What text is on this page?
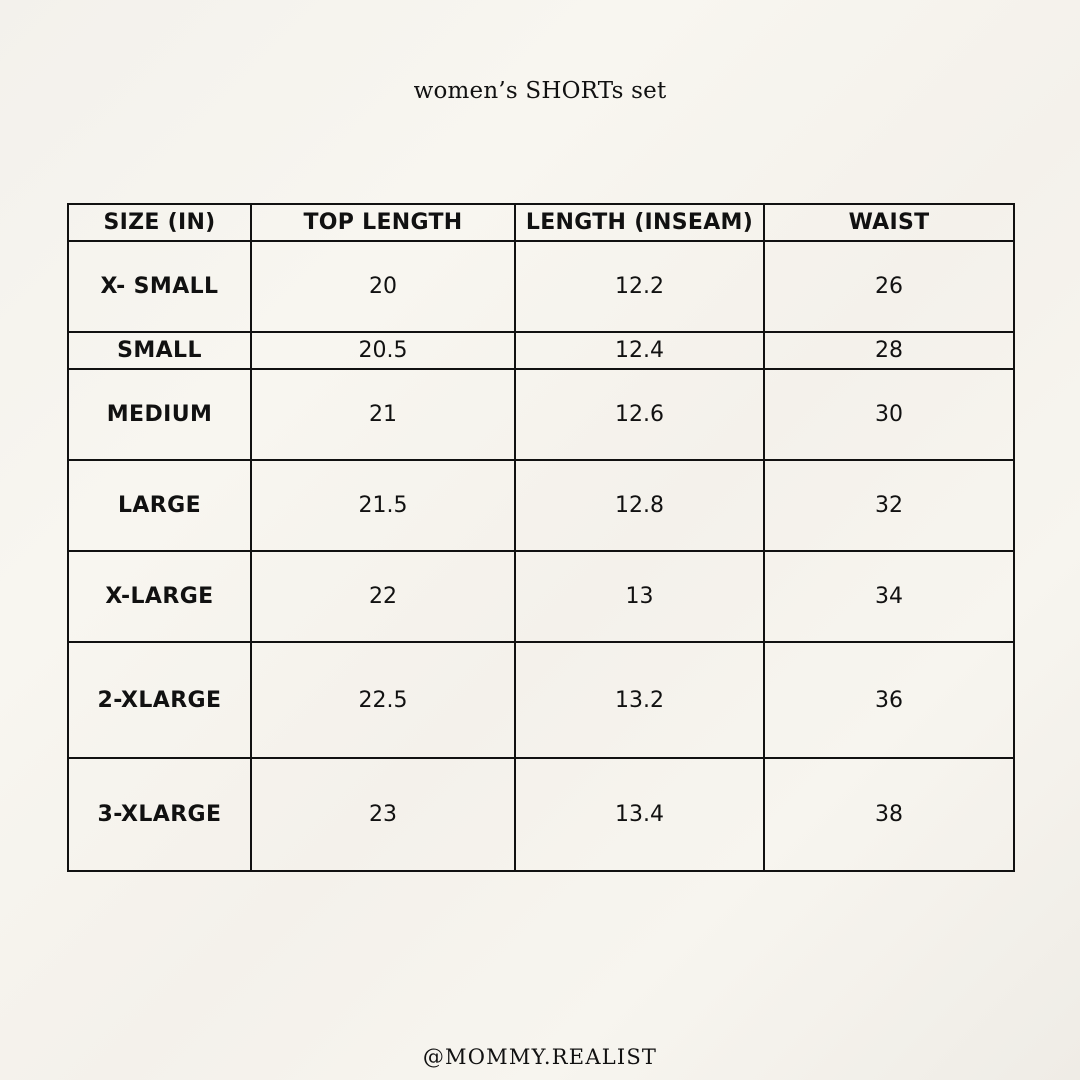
women’s SHORTs set
SIZE (IN)	TOP LENGTH	LENGTH (INSEAM)	WAIST
X- SMALL	20	12.2	26
SMALL	20.5	12.4	28
MEDIUM	21	12.6	30
LARGE	21.5	12.8	32
X-LARGE	22	13	34
2-XLARGE	22.5	13.2	36
3-XLARGE	23	13.4	38
@MOMMY.REALIST
